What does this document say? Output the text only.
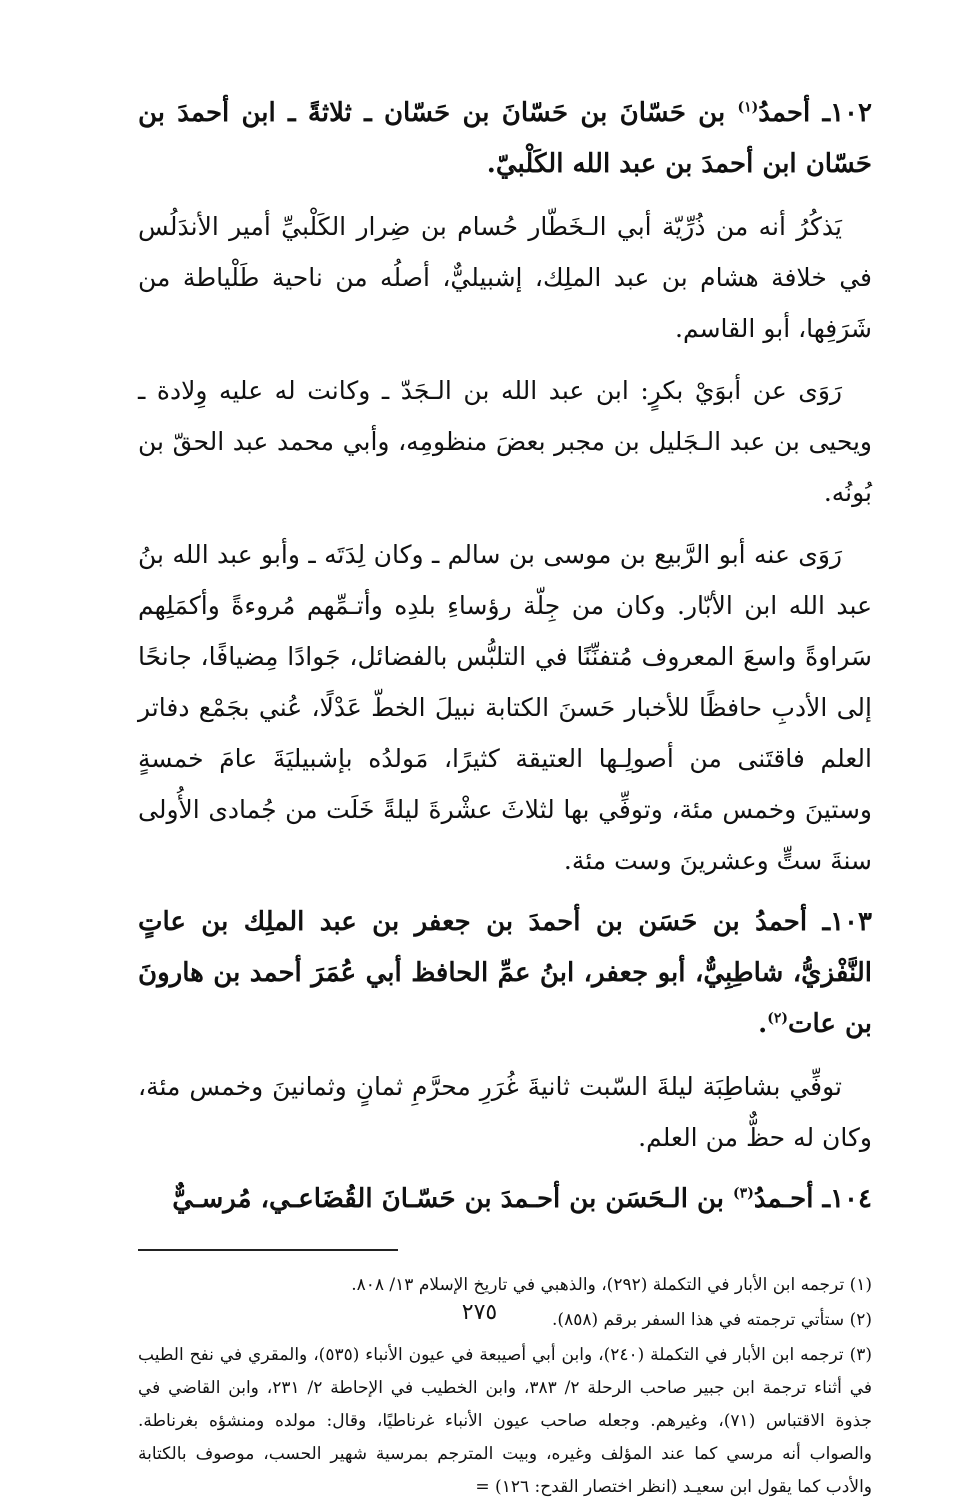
١٠٢ـ أحمدُ$^{(١)}$ بن حَسّانَ بن حَسّانَ بن حَسّان ـ ثلاثةً ـ ابن أحمدَ بن حَسّان ابن أحمدَ بن عبد الله الكَلْبيّ.

يَذكُرُ أنه من ذُرِّيّة أبي الـخَطّار حُسام بن ضِرار الكَلْبيِّ أمير الأندَلُس في خلافة هشام بن عبد الملِك، إشبيليٌّ، أصلُه من ناحية طَلْياطة من شَرَفِها، أبو القاسم.

رَوَى عن أبوَيْ بكرٍ: ابن عبد الله بن الـجَدّ ـ وكانت له عليه وِلادة ـ ويحيى بن عبد الـجَليل بن مجبر بعضَ منظومِه، وأبي محمد عبد الحقّ بن بُونُه.

رَوَى عنه أبو الرَّبيع بن موسى بن سالم ـ وكان لِدَتَه ـ وأبو عبد الله بنُ عبد الله ابن الأبّار. وكان من جِلّة رؤساءِ بلدِه وأتـمِّهم مُروءةً وأكمَلِهم سَراوةً واسعَ المعروف مُتفنِّنًا في التلبُّس بالفضائل، جَوادًا مِضيافًا، جانحًا إلى الأدبِ حافظًا للأخبار حَسنَ الكتابة نبيلَ الخطّ عَدْلًا، عُني بجَمْع دفاتر العلم فاقتَنى من أصولِـها العتيقة كثيرًا، مَولدُه بإشبيليَةَ عامَ خمسةٍ وستينَ وخمس مئة، وتوفِّي بها لثلاثَ عشْرةَ ليلةً خَلَت من جُمادى الأُولى سنةَ ستٍّ وعشرينَ وست مئة.

١٠٣ـ أحمدُ بن حَسَن بن أحمدَ بن جعفر بن عبد الملِك بن عاتٍ النَّفْزيُّ، شاطِبِيٌّ، أبو جعفر، ابنُ عمِّ الحافظ أبي عُمَرَ أحمد بن هارونَ بن عات$^{(٢)}$.

توفِّي بشاطِبَة ليلةَ السّبت ثانيةَ غُرَرِ محرَّمِ ثمانٍ وثمانينَ وخمس مئة، وكان له حظٌّ من العلم.

١٠٤ـ أحـمدُ$^{(٣)}$ بن الـحَسَن بن أحـمدَ بن حَسّـانَ القُضَاعـي، مُرسـيٌّ

(١) ترجمه ابن الأبار في التكملة (٢٩٢)، والذهبي في تاريخ الإسلام ١٣/ ٨٠٨.

(٢) ستأتي ترجمته في هذا السفر برقم (٨٥٨).

(٣) ترجمه ابن الأبار في التكملة (٢٤٠)، وابن أبي أصيبعة في عيون الأنباء (٥٣٥)، والمقري في نفح الطيب في أثناء ترجمة ابن جبير صاحب الرحلة ٢/ ٣٨٣، وابن الخطيب في الإحاطة ٢/ ٢٣١، وابن القاضي في جذوة الاقتباس (٧١)، وغيرهم. وجعله صاحب عيون الأنباء غرناطيًا، وقال: مولده ومنشؤه بغرناطة. والصواب أنه مرسي كما عند المؤلف وغيره، وبيت المترجم بمرسية شهير الحسب، موصوف بالكتابة والأدب كما يقول ابن سعيـد (انظر اختصار القدح: ١٢٦) =

٢٧٥
